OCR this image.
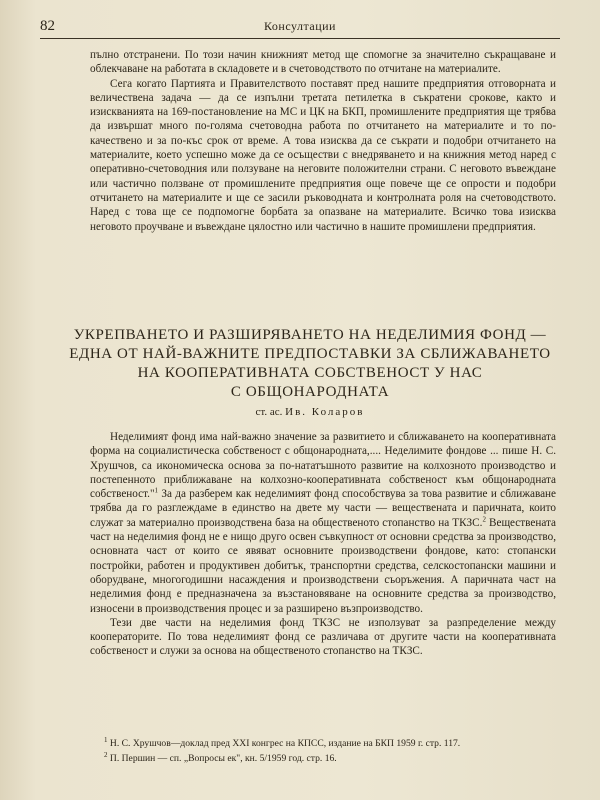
82	Консултации

пълно отстранени. По този начин книжният метод ще спомогне за значително съкращаване и облекчаване на работата в складовете и в счетоводството по отчитане на материалите.

Сега когато Партията и Правителството поставят пред нашите предприятия отговорната и величествена задача — да се изпълни третата петилетка в съкратени срокове, както и изискванията на 169-постановление на МС и ЦК на БКП, промишлените предприятия ще трябва да извършат много по-голяма счетоводна работа по отчитането на материалите и то по-качествено и за по-къс срок от време. А това изисква да се съкрати и подобри отчитането на материалите, което успешно може да се осъществи с внедряването и на книжния метод наред с оперативно-счетоводния или ползуване на неговите положителни страни. С неговото въвеждане или частично ползване от промишлените предприятия още повече ще се опрости и подобри отчитането на материалите и ще се засили ръководната и контролната роля на счетоводството. Наред с това ще се подпомогне борбата за опазване на материалите. Всичко това изисква неговото проучване и въвеждане цялостно или частично в нашите промишлени предприятия.

УКРЕПВАНЕТО И РАЗШИРЯВАНЕТО НА НЕДЕЛИМИЯ ФОНД —
ЕДНА ОТ НАЙ-ВАЖНИТЕ ПРЕДПОСТАВКИ ЗА СБЛИЖАВАНЕТО
НА КООПЕРАТИВНАТА СОБСТВЕНОСТ У НАС
С ОБЩОНАРОДНАТА

ст. ас. Ив. Коларов

Неделимият фонд има най-важно значение за развитието и сближаването на кооперативната форма на социалистическа собственост с общонародната,.... Неделимите фондове ... пише Н. С. Хрушчов, са икономическа основа за по-нататъшното развитие на колхозното производство и постепенното приближаване на колхозно-кооперативната собственост към общонародната собственост."$^1$ За да разберем как неделимият фонд способствува за това развитие и сближаване трябва да го разглеждаме в единство на двете му части — веществената и паричната, които служат за материално производствена база на общественото стопанство на ТКЗС.$^2$ Веществената част на неделимия фонд не е нищо друго освен съвкупност от основни средства за производство, основната част от които се явяват основните производствени фондове, като: стопански постройки, работен и продуктивен добитък, транспортни средства, селскостопански машини и оборудване, многогодишни насаждения и производствени съоръжения. А паричната част на неделимия фонд е предназначена за възстановяване на основните средства за производство, износени в производствения процес и за разширено възпроизводство.

Тези две части на неделимия фонд ТКЗС не използуват за разпределение между кооператорите. По това неделимият фонд се различава от другите части на кооперативната собственост и служи за основа на общественото стопанство на ТКЗС.

$^1$ Н. С. Хрушчов—доклад пред XXI конгрес на КПСС, издание на БКП 1959 г. стр. 117.

$^2$ П. Першин — сп. „Вопросы ек", кн. 5/1959 год. стр. 16.
